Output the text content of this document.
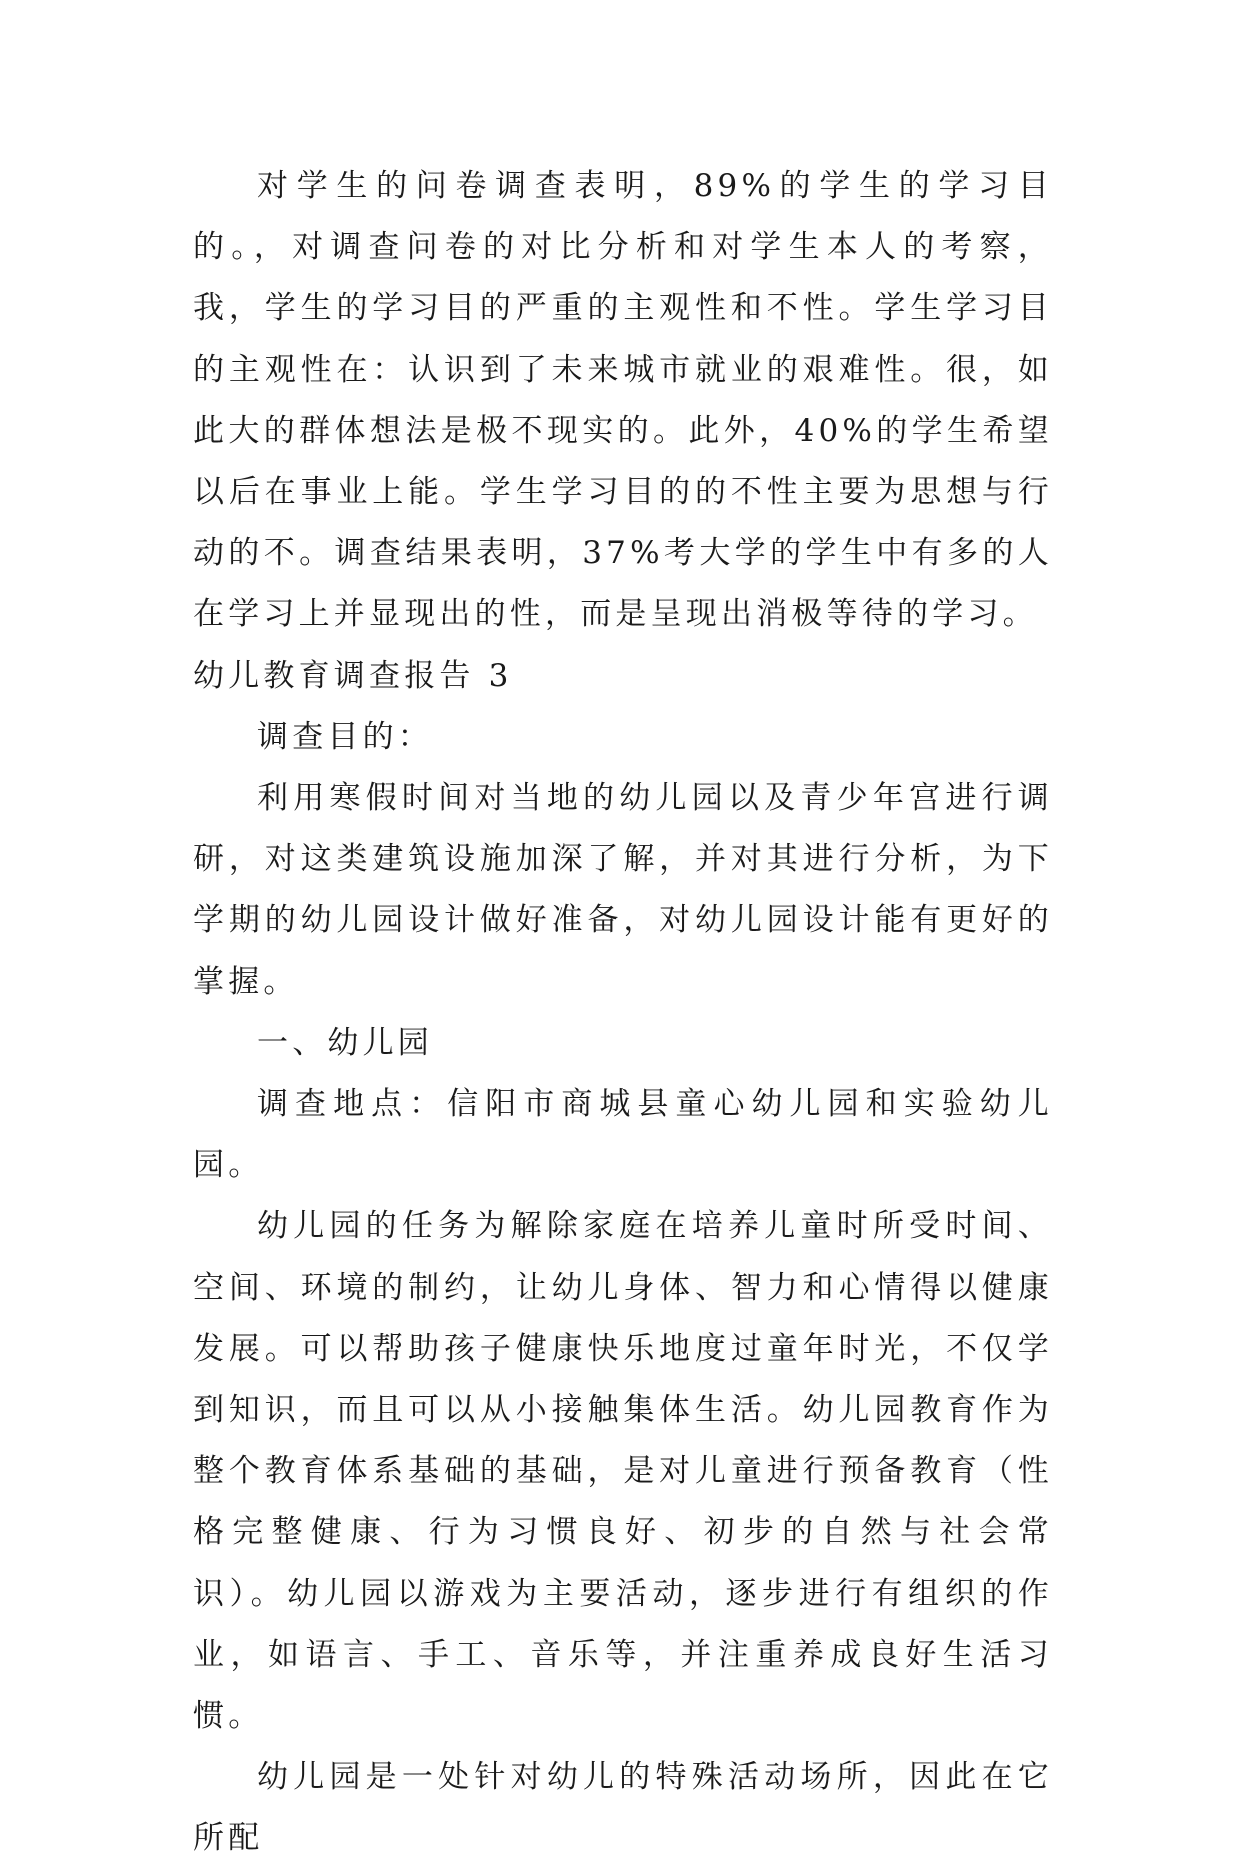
对学生的问卷调查表明，89%的学生的学习目的。，对调查问卷的对比分析和对学生本人的考察，我，学生的学习目的严重的主观性和不性。学生学习目的主观性在：认识到了未来城市就业的艰难性。很，如此大的群体想法是极不现实的。此外，40%的学生希望以后在事业上能。学生学习目的的不性主要为思想与行动的不。调查结果表明，37%考大学的学生中有多的人在学习上并显现出的性，而是呈现出消极等待的学习。

幼儿教育调查报告 3

调查目的：

利用寒假时间对当地的幼儿园以及青少年宫进行调研，对这类建筑设施加深了解，并对其进行分析，为下学期的幼儿园设计做好准备，对幼儿园设计能有更好的掌握。

一、幼儿园

调查地点：信阳市商城县童心幼儿园和实验幼儿园。

幼儿园的任务为解除家庭在培养儿童时所受时间、空间、环境的制约，让幼儿身体、智力和心情得以健康发展。可以帮助孩子健康快乐地度过童年时光，不仅学到知识，而且可以从小接触集体生活。幼儿园教育作为整个教育体系基础的基础，是对儿童进行预备教育（性格完整健康、行为习惯良好、初步的自然与社会常识）。幼儿园以游戏为主要活动，逐步进行有组织的作业，如语言、手工、音乐等，并注重养成良好生活习惯。

幼儿园是一处针对幼儿的特殊活动场所，因此在它所配
